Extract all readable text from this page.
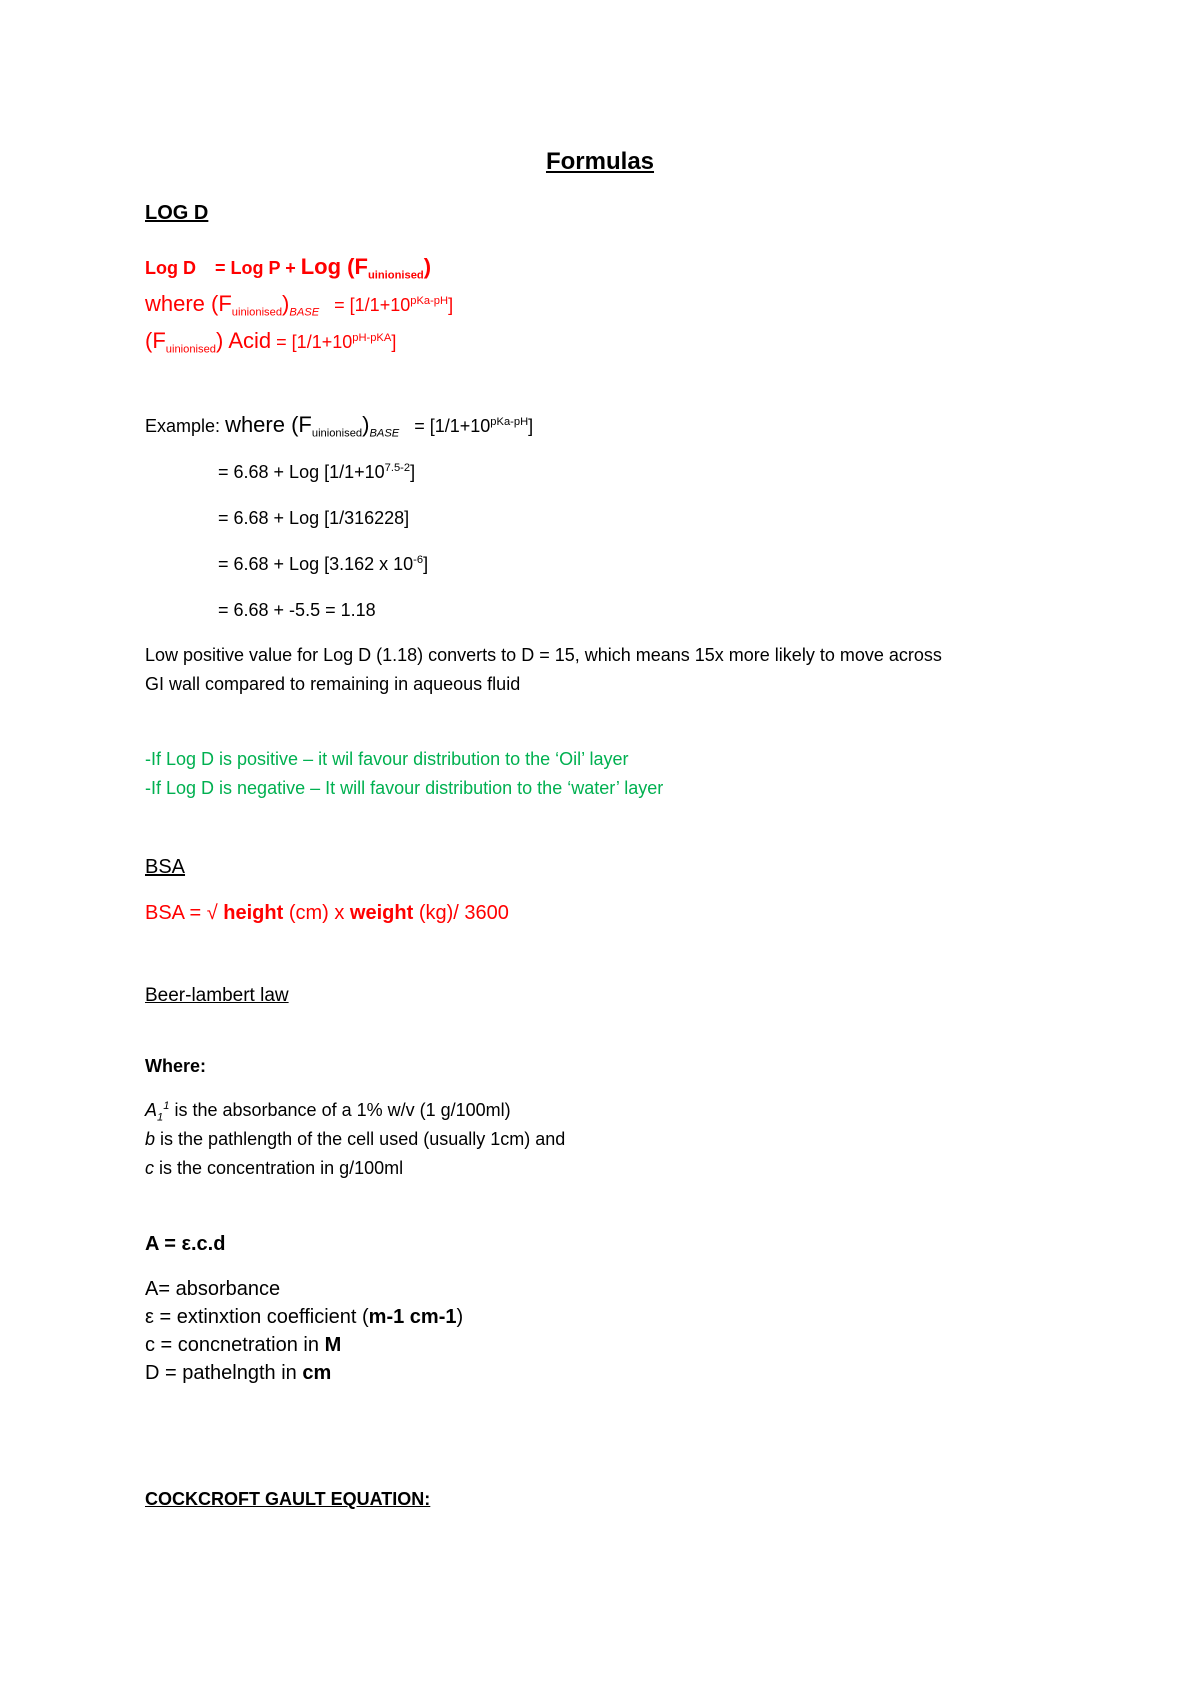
Formulas
LOG D
Log D = Log P + Log $(F_{uinionised})$
where $(F_{uinionised})_{BASE} = [1/1+10^{pKa-pH}]$
$(F_{uinionised})$ Acid = $[1/1+10^{pH-pKA}]$
Example: where $(F_{uinionised})_{BASE} = [1/1+10^{pKa-pH}]$
= 6.68 + Log $[1/1+10^{7.5-2}]$
= 6.68 + Log [1/316228]
= 6.68 + Log [3.162 x $10^{-6}$]
= 6.68 + -5.5 = 1.18
Low positive value for Log D (1.18) converts to D = 15, which means 15x more likely to move across
GI wall compared to remaining in aqueous fluid
-If Log D is positive – it wil favour distribution to the ‘Oil’ layer
-If Log D is negative – It will favour distribution to the ‘water’ layer
BSA
BSA = √ height (cm) x weight (kg)/ 3600
Beer-lambert law
Where:
$A_1^1$ is the absorbance of a 1% w/v (1 g/100ml)
b is the pathlength of the cell used (usually 1cm) and
c is the concentration in g/100ml
A = ε.c.d
A= absorbance
ε = extinxtion coefficient (m-1 cm-1)
c = concnetration in M
D = pathelngth in cm
COCKCROFT GAULT EQUATION:
